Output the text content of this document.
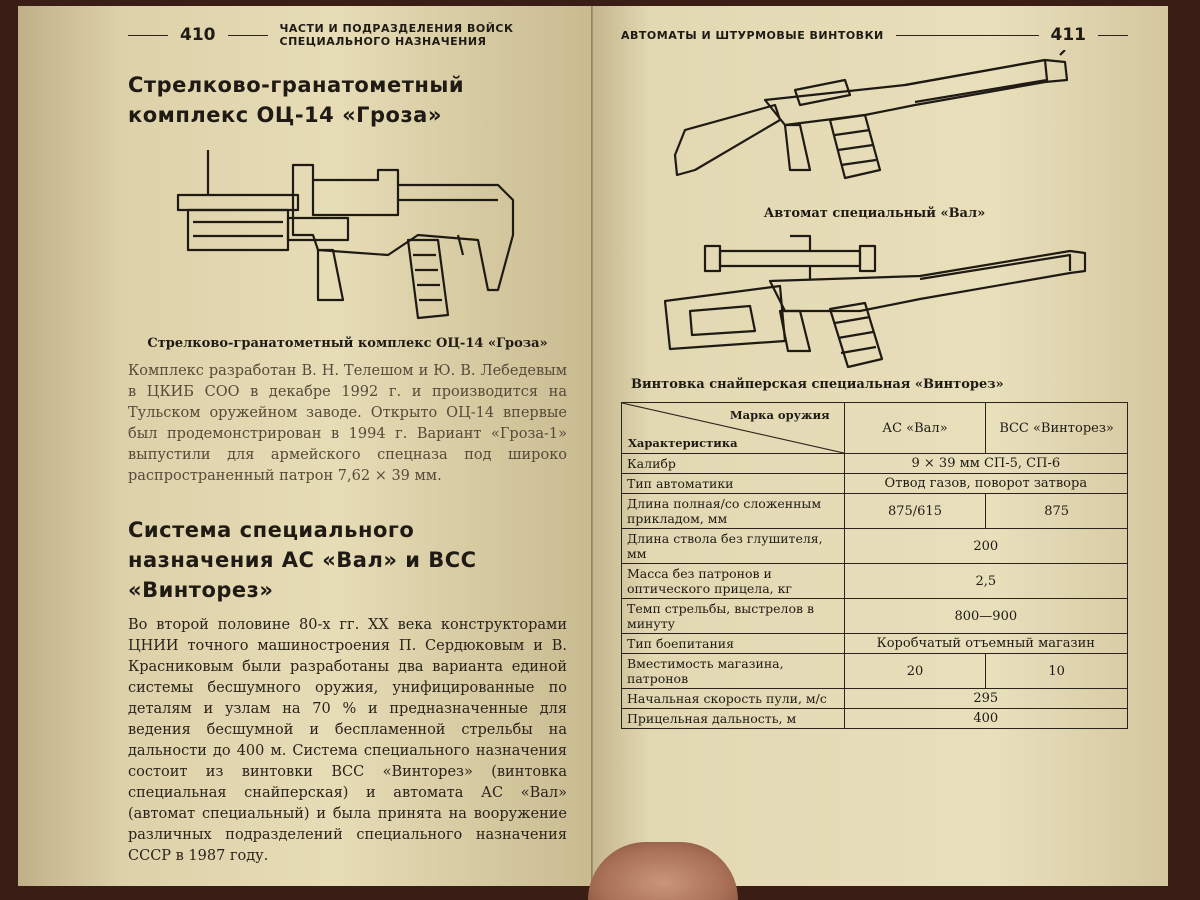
410	ЧАСТИ И ПОДРАЗДЕЛЕНИЯ ВОЙСК СПЕЦИАЛЬНОГО НАЗНАЧЕНИЯ
Стрелково-гранатометный комплекс ОЦ-14 «Гроза»
Стрелково-гранатометный комплекс ОЦ-14 «Гроза»

Комплекс разработан В. Н. Телешом и Ю. В. Лебедевым в ЦКИБ СОО в декабре 1992 г. и производится на Тульском оружейном заводе. Открыто ОЦ-14 впервые был продемонстрирован в 1994 г. Вариант «Гроза-1» выпустили для армейского спецназа под широко распространенный патрон 7,62 × 39 мм.

Система специального назначения АС «Вал» и ВСС «Винторез»

Во второй половине 80-х гг. XX века конструкторами ЦНИИ точного машиностроения П. Сердюковым и В. Красниковым были разработаны два варианта единой системы бесшумного оружия, унифицированные по деталям и узлам на 70 % и предназначенные для ведения бесшумной и беспламенной стрельбы на дальности до 400 м. Система специального назначения состоит из винтовки ВСС «Винторез» (винтовка специальная снайперская) и автомата АС «Вал» (автомат специальный) и была принята на вооружение различных подразделений специального назначения СССР в 1987 году.

АВТОМАТЫ И ШТУРМОВЫЕ ВИНТОВКИ	411
Автомат специальный «Вал»
Винтовка снайперская специальная «Винторез»
Марка оружия
Характеристика	АС «Вал»	ВСС «Винторез»
Калибр	9 × 39 мм СП-5, СП-6	
Тип автоматики	Отвод газов, поворот затвора	
Длина полная/со сложенным прикладом, мм	875/615	875
Длина ствола без глушителя, мм	200	
Масса без патронов и оптического прицела, кг	2,5	
Темп стрельбы, выстрелов в минуту	800—900	
Тип боепитания	Коробчатый отъемный магазин	
Вместимость магазина, патронов	20	10
Начальная скорость пули, м/с	295	
Прицельная дальность, м	400	
